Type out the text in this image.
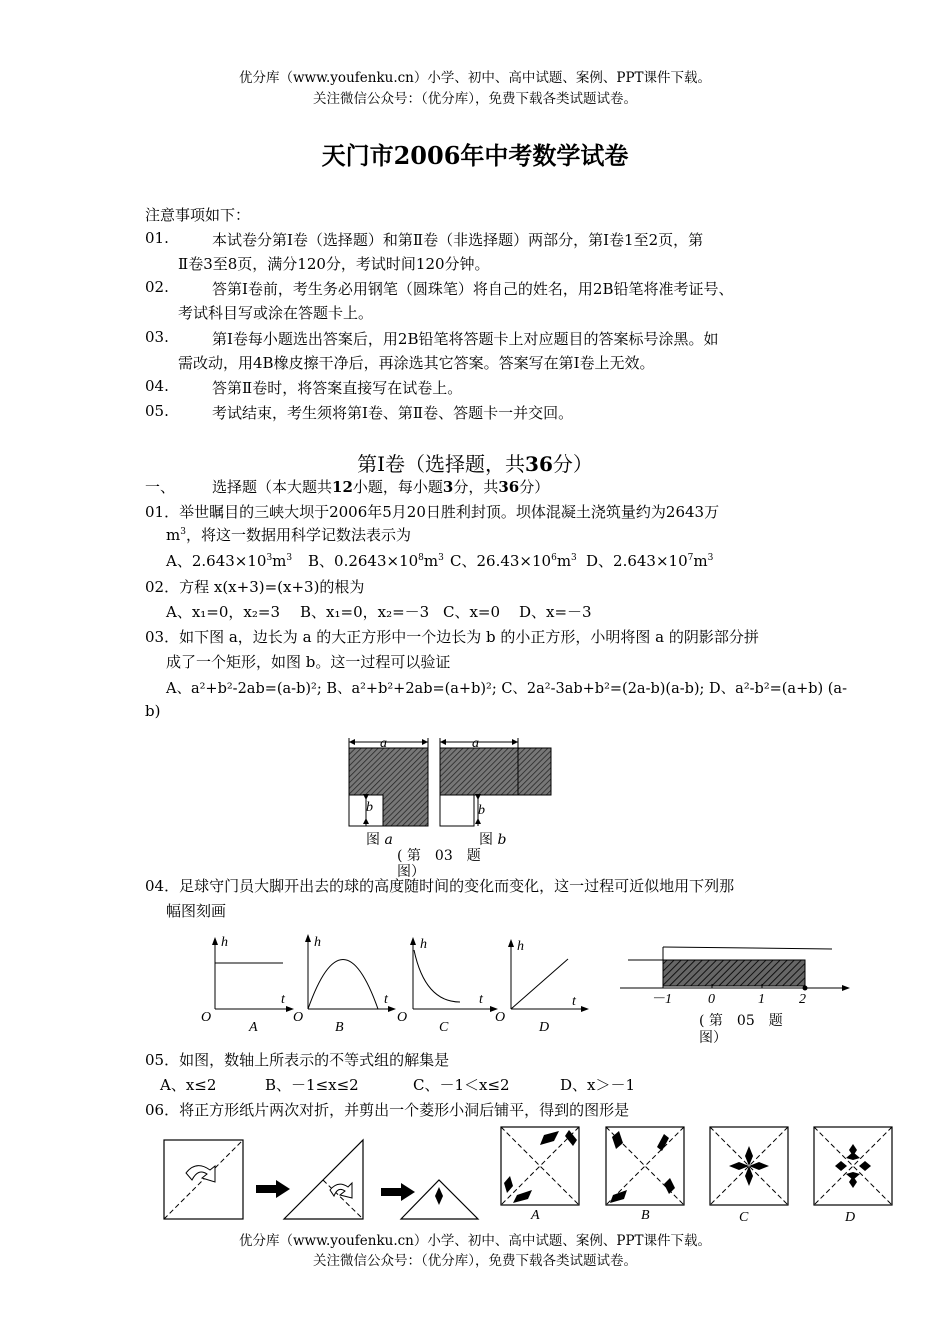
优分库（www.youfenku.cn）小学、初中、高中试题、案例、PPT课件下载。
关注微信公众号：（优分库），免费下载各类试题试卷。
天门市2006年中考数学试卷
注意事项如下：
01.	本试卷分第Ⅰ卷（选择题）和第Ⅱ卷（非选择题）两部分，第Ⅰ卷1至2页，第
Ⅱ卷3至8页，满分120分，考试时间120分钟。
02.	答第Ⅰ卷前，考生务必用钢笔（圆珠笔）将自己的姓名，用2B铅笔将准考证号、
考试科目写或涂在答题卡上。
03.	第Ⅰ卷每小题选出答案后，用2B铅笔将答题卡上对应题目的答案标号涂黑。如
需改动，用4B橡皮擦干净后，再涂选其它答案。答案写在第Ⅰ卷上无效。
04.	答第Ⅱ卷时，将答案直接写在试卷上。
05.	考试结束，考生须将第Ⅰ卷、第Ⅱ卷、答题卡一并交回。
第Ⅰ卷（选择题，共36分）
一、 选择题（本大题共12小题，每小题3分，共36分）
01．举世瞩目的三峡大坝于2006年5月20日胜利封顶。坝体混凝土浇筑量约为2643万
$m^3$，将这一数据用科学记数法表示为
A、$2.643\times 10^3m^3$ B、$0.2643\times 10^8m^3$ C、$26.43\times 10^6m^3$ D、$2.643\times 10^7m^3$
02．方程 x(x+3)=(x+3)的根为
A、x₁=0，x₂=3 B、x₁=0，x₂=－3 C、x=0 D、x=－3
03．如下图 a，边长为 a 的大正方形中一个边长为 b 的小正方形，小明将图 a 的阴影部分拼
成了一个矩形，如图 b。这一过程可以验证
A、a²+b²-2ab=(a-b)²; B、a²+b²+2ab=(a+b)²; C、2a²-3ab+b²=(2a-b)(a-b); D、a²-b²=(a+b) (a-
b)
a
b
a
b
图 a	图 b
( 第　03　题
图）
04．足球守门员大脚开出去的球的高度随时间的变化而变化，这一过程可近似地用下列那
幅图刻画
h
t
O
A
h
t
O
B
h
t
O
C
h
t
O
D
－1	0	1 2
( 第　05　题
图）
05．如图，数轴上所表示的不等式组的解集是
A、x≤2	B、－1≤x≤2	C、－1＜x≤2	D、x＞－1
06．将正方形纸片两次对折，并剪出一个菱形小洞后铺平，得到的图形是
A	B	C	D
优分库（www.youfenku.cn）小学、初中、高中试题、案例、PPT课件下载。
关注微信公众号：（优分库），免费下载各类试题试卷。
